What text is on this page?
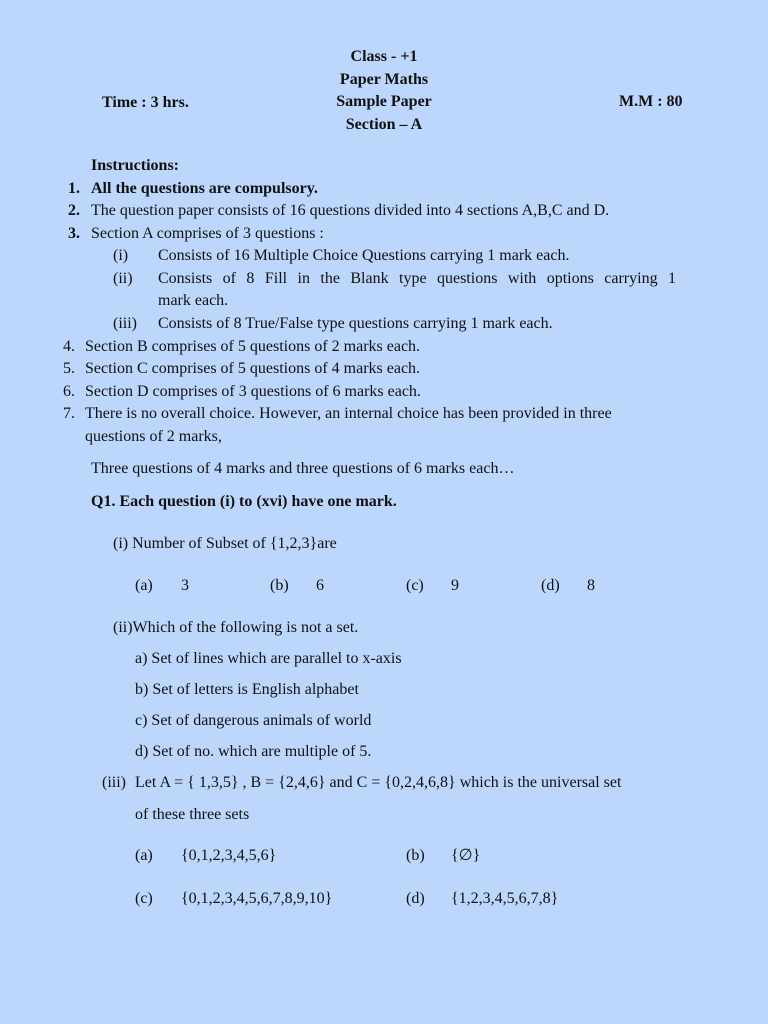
Class - +1
Paper Maths
Sample Paper
Section – A
Time : 3 hrs.	M.M : 80
Instructions:
1. All the questions are compulsory.
2. The question paper consists of 16 questions divided into 4 sections A,B,C and D.
3. Section A comprises of 3 questions :
(i) Consists of 16 Multiple Choice Questions carrying 1 mark each.
(ii) Consists of 8 Fill in the Blank type questions with options carrying 1
mark each.
(iii) Consists of 8 True/False type questions carrying 1 mark each.
4. Section B comprises of 5 questions of 2 marks each.
5. Section C comprises of 5 questions of 4 marks each.
6. Section D comprises of 3 questions of 6 marks each.
7. There is no overall choice. However, an internal choice has been provided in three
questions of 2 marks,
Three questions of 4 marks and three questions of 6 marks each…
Q1. Each question (i) to (xvi) have one mark.
(i) Number of Subset of {1,2,3}are
(a) 3	(b) 6	(c) 9	(d) 8
(ii)Which of the following is not a set.
a) Set of lines which are parallel to x-axis
b) Set of letters is English alphabet
c) Set of dangerous animals of world
d) Set of no. which are multiple of 5.
(iii) Let A = { 1,3,5} , B = {2,4,6} and C = {0,2,4,6,8} which is the universal set
of these three sets
(a) {0,1,2,3,4,5,6}	(b) {∅}
(c) {0,1,2,3,4,5,6,7,8,9,10}	(d) {1,2,3,4,5,6,7,8}
